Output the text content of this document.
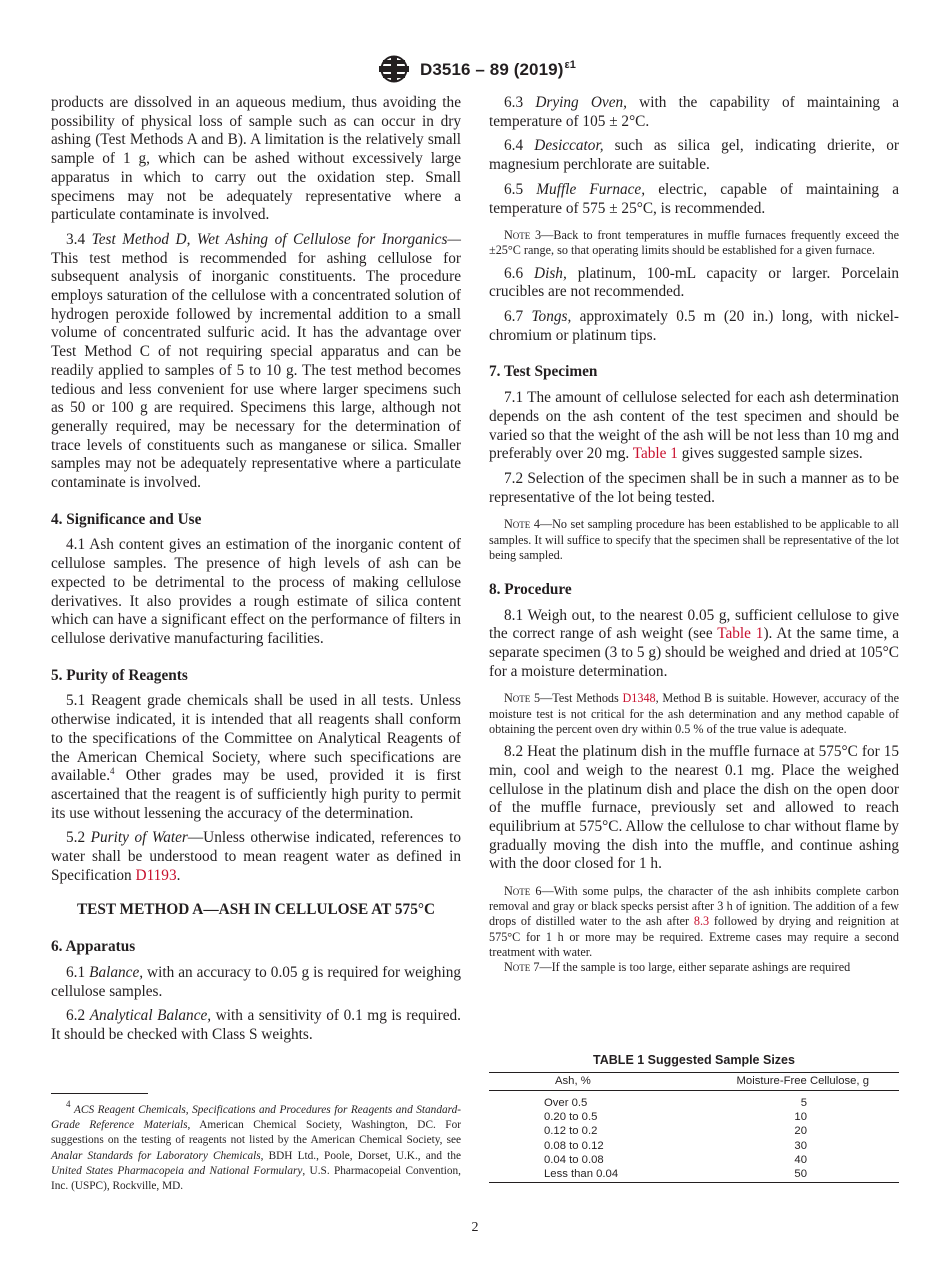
D3516 – 89 $(2019)^{\varepsilon 1}$

products are dissolved in an aqueous medium, thus avoiding the possibility of physical loss of sample such as can occur in dry ashing (Test Methods A and B). A limitation is the relatively small sample of 1 g, which can be ashed without excessively large apparatus in which to carry out the oxidation step. Small specimens may not be adequately representative where a particulate contaminate is involved.

3.4 Test Method D, Wet Ashing of Cellulose for Inorganics—This test method is recommended for ashing cellulose for subsequent analysis of inorganic constituents. The procedure employs saturation of the cellulose with a concentrated solution of hydrogen peroxide followed by incremental addition to a small volume of concentrated sulfuric acid. It has the advantage over Test Method C of not requiring special apparatus and can be readily applied to samples of 5 to 10 g. The test method becomes tedious and less convenient for use where larger specimens such as 50 or 100 g are required. Specimens this large, although not generally required, may be necessary for the determination of trace levels of constituents such as manganese or silica. Smaller samples may not be adequately representative where a particulate contaminate is involved.

4. Significance and Use

4.1 Ash content gives an estimation of the inorganic content of cellulose samples. The presence of high levels of ash can be expected to be detrimental to the process of making cellulose derivatives. It also provides a rough estimate of silica content which can have a significant effect on the performance of filters in cellulose derivative manufacturing facilities.

5. Purity of Reagents

5.1 Reagent grade chemicals shall be used in all tests. Unless otherwise indicated, it is intended that all reagents shall conform to the specifications of the Committee on Analytical Reagents of the American Chemical Society, where such specifications are available.$^4$ Other grades may be used, provided it is first ascertained that the reagent is of sufficiently high purity to permit its use without lessening the accuracy of the determination.

5.2 Purity of Water—Unless otherwise indicated, references to water shall be understood to mean reagent water as defined in Specification D1193.

TEST METHOD A—ASH IN CELLULOSE AT 575°C
6. Apparatus

6.1 Balance, with an accuracy to 0.05 g is required for weighing cellulose samples.

6.2 Analytical Balance, with a sensitivity of 0.1 mg is required. It should be checked with Class S weights.

$^4$ ACS Reagent Chemicals, Specifications and Procedures for Reagents and Standard-Grade Reference Materials, American Chemical Society, Washington, DC. For suggestions on the testing of reagents not listed by the American Chemical Society, see Analar Standards for Laboratory Chemicals, BDH Ltd., Poole, Dorset, U.K., and the United States Pharmacopeia and National Formulary, U.S. Pharmacopeial Convention, Inc. (USPC), Rockville, MD.

6.3 Drying Oven, with the capability of maintaining a temperature of 105 ± 2°C.

6.4 Desiccator, such as silica gel, indicating drierite, or magnesium perchlorate are suitable.

6.5 Muffle Furnace, electric, capable of maintaining a temperature of 575 ± 25°C, is recommended.

Note 3—Back to front temperatures in muffle furnaces frequently exceed the ±25°C range, so that operating limits should be established for a given furnace.

6.6 Dish, platinum, 100-mL capacity or larger. Porcelain crucibles are not recommended.

6.7 Tongs, approximately 0.5 m (20 in.) long, with nickel-chromium or platinum tips.

7. Test Specimen

7.1 The amount of cellulose selected for each ash determination depends on the ash content of the test specimen and should be varied so that the weight of the ash will be not less than 10 mg and preferably over 20 mg. Table 1 gives suggested sample sizes.

7.2 Selection of the specimen shall be in such a manner as to be representative of the lot being tested.

Note 4—No set sampling procedure has been established to be applicable to all samples. It will suffice to specify that the specimen shall be representative of the lot being sampled.

8. Procedure

8.1 Weigh out, to the nearest 0.05 g, sufficient cellulose to give the correct range of ash weight (see Table 1). At the same time, a separate specimen (3 to 5 g) should be weighed and dried at 105°C for a moisture determination.

Note 5—Test Methods D1348, Method B is suitable. However, accuracy of the moisture test is not critical for the ash determination and any method capable of obtaining the percent oven dry within 0.5 % of the true value is adequate.

8.2 Heat the platinum dish in the muffle furnace at 575°C for 15 min, cool and weigh to the nearest 0.1 mg. Place the weighed cellulose in the platinum dish and place the dish on the open door of the muffle furnace, previously set and allowed to reach equilibrium at 575°C. Allow the cellulose to char without flame by gradually moving the dish into the muffle, and continue ashing with the door closed for 1 h.

Note 6—With some pulps, the character of the ash inhibits complete carbon removal and gray or black specks persist after 3 h of ignition. The addition of a few drops of distilled water to the ash after 8.3 followed by drying and reignition at 575°C for 1 h or more may be required. Extreme cases may require a second treatment with water.

Note 7—If the sample is too large, either separate ashings are required

TABLE 1 Suggested Sample Sizes
Ash, %	Moisture-Free Cellulose, g
Over 0.5	5
0.20 to 0.5	10
0.12 to 0.2	20
0.08 to 0.12	30
0.04 to 0.08	40
Less than 0.04	50
2
